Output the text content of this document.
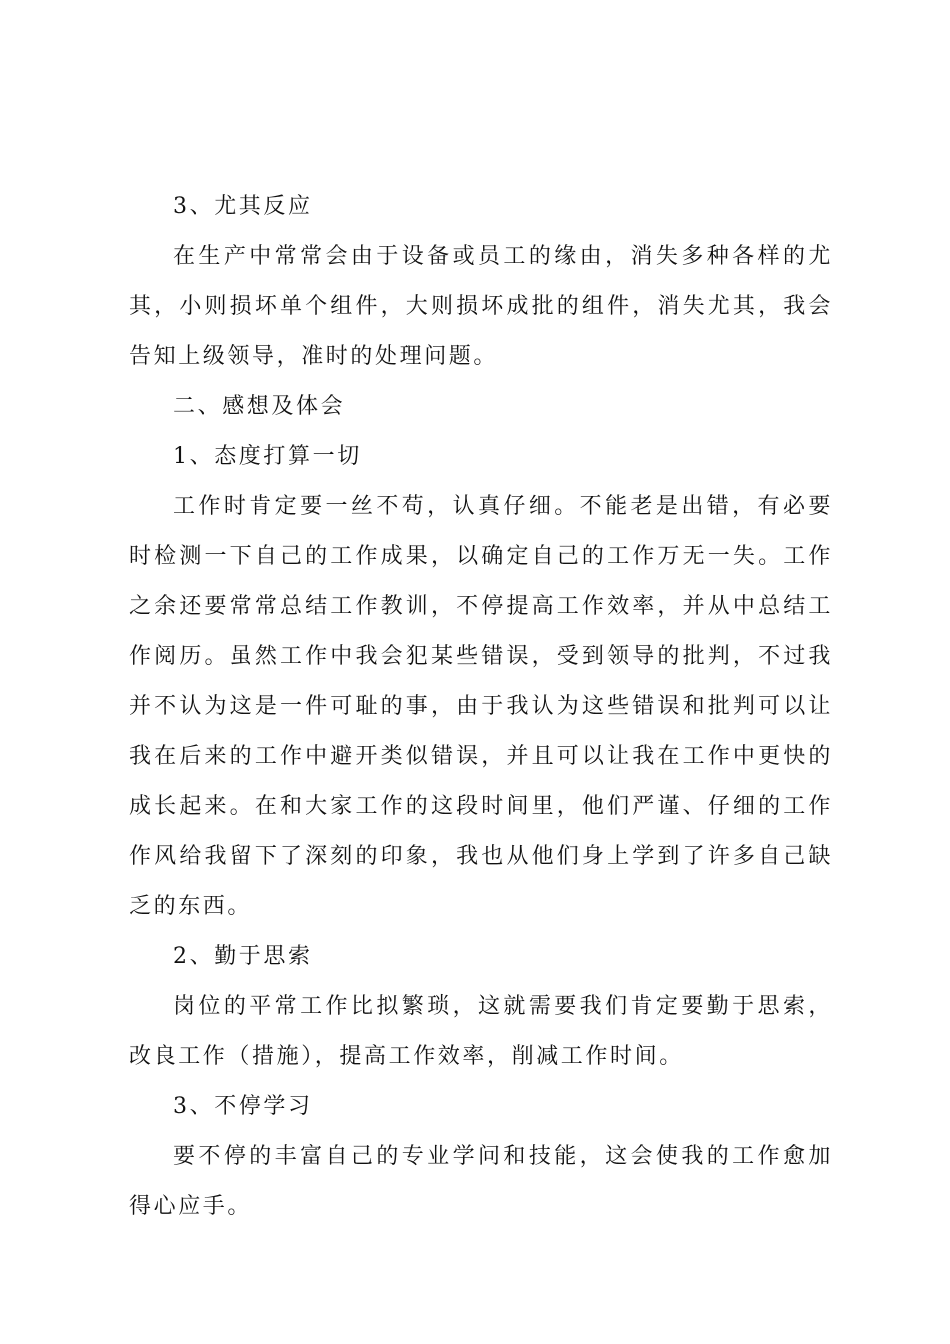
3、尤其反应

在生产中常常会由于设备或员工的缘由，消失多种各样的尤其，小则损坏单个组件，大则损坏成批的组件，消失尤其，我会告知上级领导，准时的处理问题。

二、感想及体会

1、态度打算一切

工作时肯定要一丝不苟，认真仔细。不能老是出错，有必要时检测一下自己的工作成果，以确定自己的工作万无一失。工作之余还要常常总结工作教训，不停提高工作效率，并从中总结工作阅历。虽然工作中我会犯某些错误，受到领导的批判，不过我并不认为这是一件可耻的事，由于我认为这些错误和批判可以让我在后来的工作中避开类似错误，并且可以让我在工作中更快的成长起来。在和大家工作的这段时间里，他们严谨、仔细的工作作风给我留下了深刻的印象，我也从他们身上学到了许多自己缺乏的东西。

2、勤于思索

岗位的平常工作比拟繁琐，这就需要我们肯定要勤于思索，改良工作（措施），提高工作效率，削减工作时间。

3、不停学习

要不停的丰富自己的专业学问和技能，这会使我的工作愈加得心应手。
